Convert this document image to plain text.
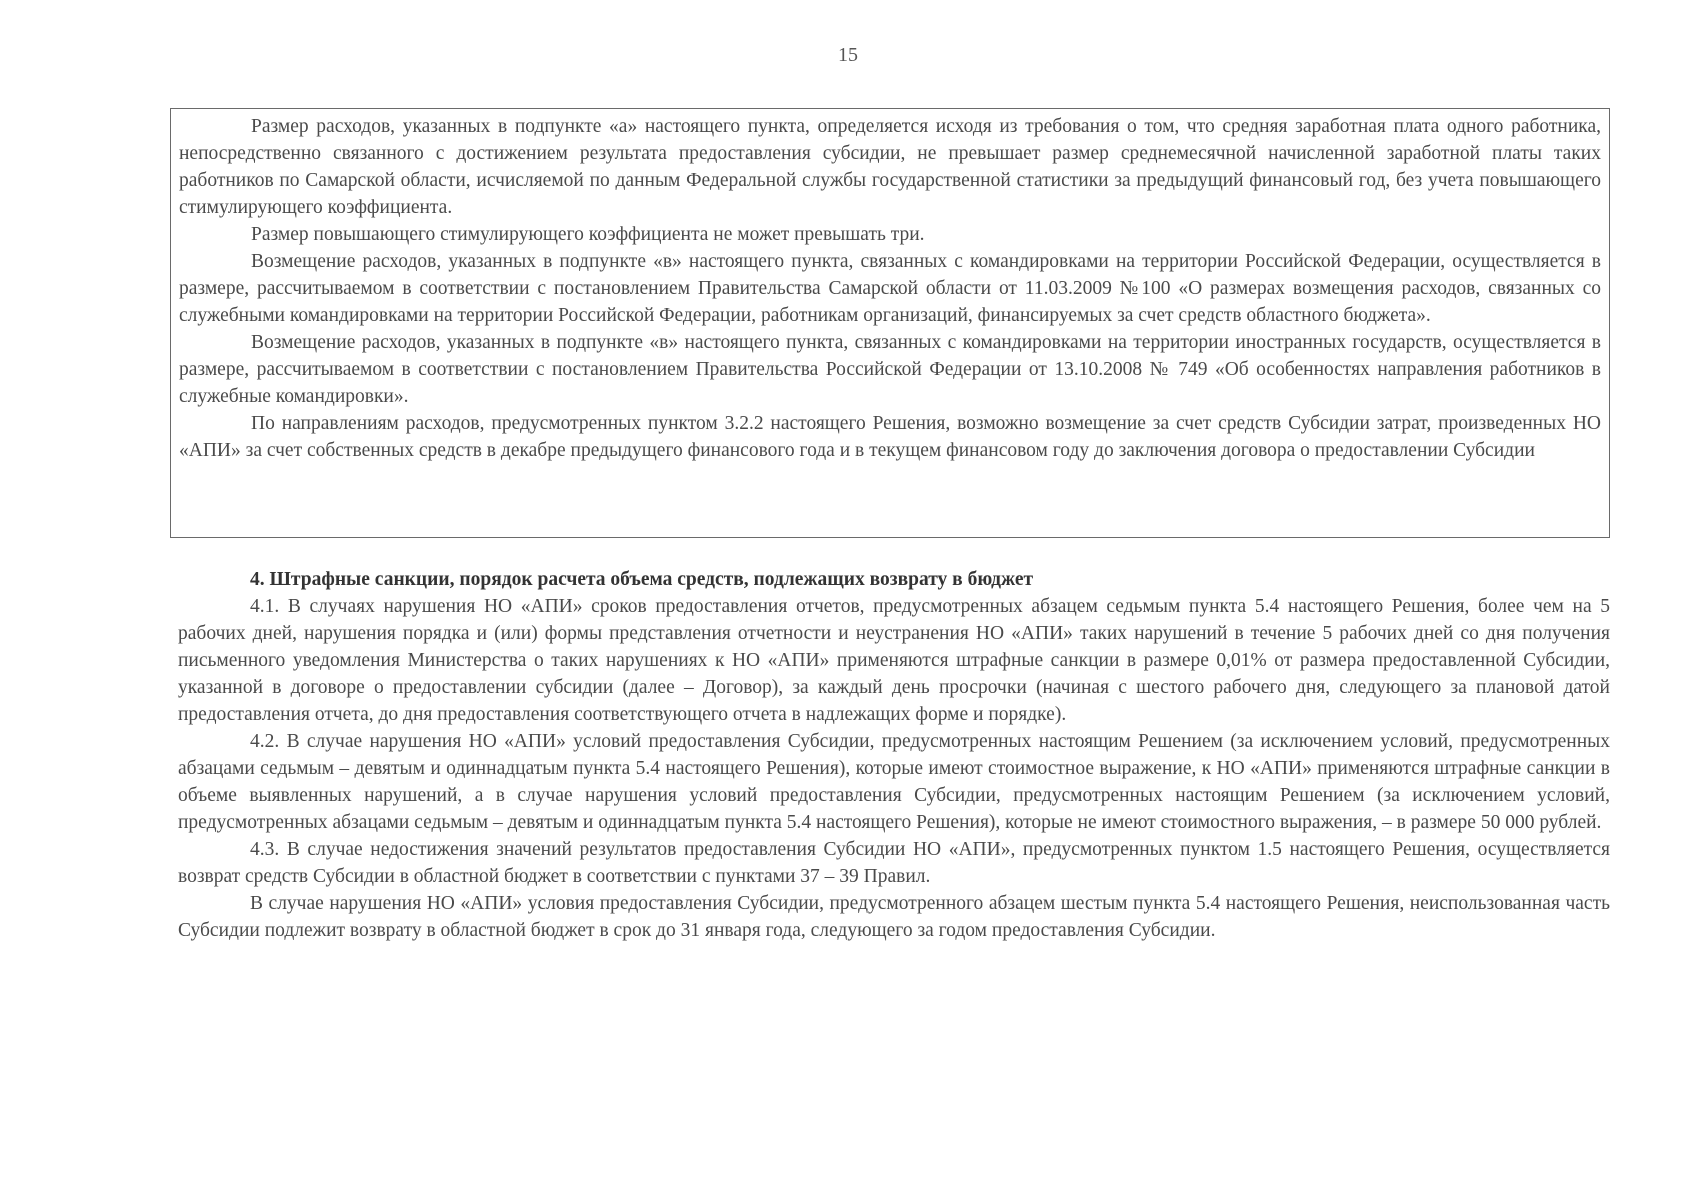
15

Размер расходов, указанных в подпункте «а» настоящего пункта, определяется исходя из требования о том, что средняя заработная плата одного работника, непосредственно связанного с достижением результата предоставления субсидии, не превышает размер среднемесячной начисленной заработной платы таких работников по Самарской области, исчисляемой по данным Федеральной службы государственной статистики за предыдущий финансовый год, без учета повышающего стимулирующего коэффициента.

Размер повышающего стимулирующего коэффициента не может превышать три.

Возмещение расходов, указанных в подпункте «в» настоящего пункта, связанных с командировками на территории Российской Федерации, осуществляется в размере, рассчитываемом в соответствии с постановлением Правительства Самарской области от 11.03.2009 №100 «О размерах возмещения расходов, связанных со служебными командировками на территории Российской Федерации, работникам организаций, финансируемых за счет средств областного бюджета».

Возмещение расходов, указанных в подпункте «в» настоящего пункта, связанных с командировками на территории иностранных государств, осуществляется в размере, рассчитываемом в соответствии с постановлением Правительства Российской Федерации от 13.10.2008 № 749 «Об особенностях направления работников в служебные командировки».

По направлениям расходов, предусмотренных пунктом 3.2.2 настоящего Решения, возможно возмещение за счет средств Субсидии затрат, произведенных НО «АПИ» за счет собственных средств в декабре предыдущего финансового года и в текущем финансовом году до заключения договора о предоставлении Субсидии

4. Штрафные санкции, порядок расчета объема средств, подлежащих возврату в бюджет

4.1. В случаях нарушения НО «АПИ» сроков предоставления отчетов, предусмотренных абзацем седьмым пункта 5.4 настоящего Решения, более чем на 5 рабочих дней, нарушения порядка и (или) формы представления отчетности и неустранения НО «АПИ» таких нарушений в течение 5 рабочих дней со дня получения письменного уведомления Министерства о таких нарушениях к НО «АПИ» применяются штрафные санкции в размере 0,01% от размера предоставленной Субсидии, указанной в договоре о предоставлении субсидии (далее – Договор), за каждый день просрочки (начиная с шестого рабочего дня, следующего за плановой датой предоставления отчета, до дня предоставления соответствующего отчета в надлежащих форме и порядке).

4.2. В случае нарушения НО «АПИ» условий предоставления Субсидии, предусмотренных настоящим Решением (за исключением условий, предусмотренных абзацами седьмым – девятым и одиннадцатым пункта 5.4 настоящего Решения), которые имеют стоимостное выражение, к НО «АПИ» применяются штрафные санкции в объеме выявленных нарушений, а в случае нарушения условий предоставления Субсидии, предусмотренных настоящим Решением (за исключением условий, предусмотренных абзацами седьмым – девятым и одиннадцатым пункта 5.4 настоящего Решения), которые не имеют стоимостного выражения, – в размере 50 000 рублей.

4.3. В случае недостижения значений результатов предоставления Субсидии НО «АПИ», предусмотренных пунктом 1.5 настоящего Решения, осуществляется возврат средств Субсидии в областной бюджет в соответствии с пунктами 37 – 39 Правил.

В случае нарушения НО «АПИ» условия предоставления Субсидии, предусмотренного абзацем шестым пункта 5.4 настоящего Решения, неиспользованная часть Субсидии подлежит возврату в областной бюджет в срок до 31 января года, следующего за годом предоставления Субсидии.
